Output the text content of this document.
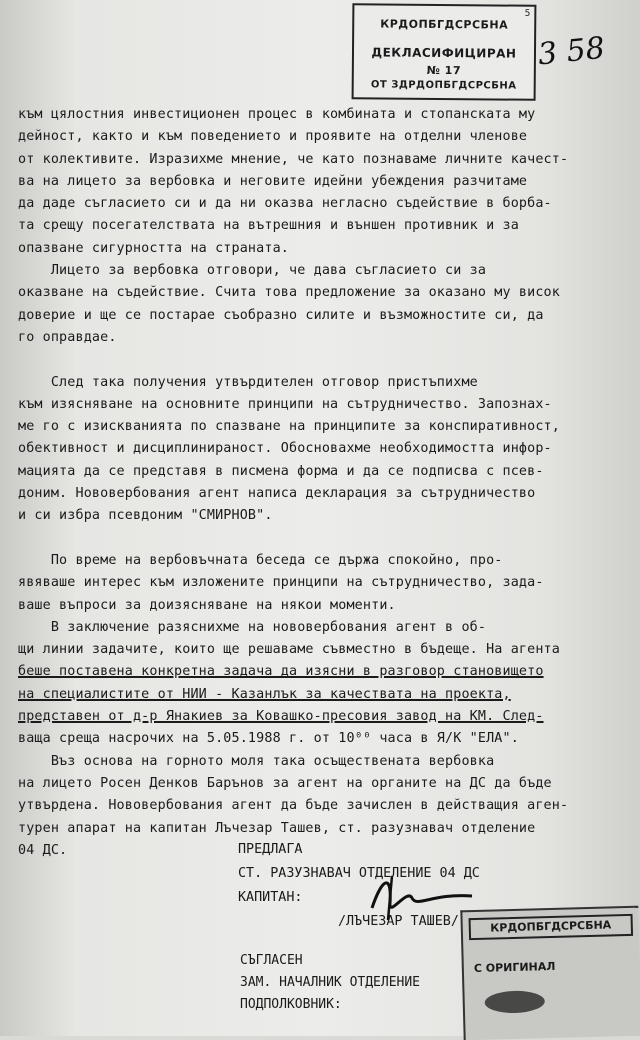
КРДОПБГДСРСБНА
5
ДЕКЛАСИФИЦИРАН
№ 17
ОТ ЗДРДОПБГДСРСБНА
3 58
към цялостния инвестиционен процес в комбината и стопанската му
дейност, както и към поведението и проявите на отделни членове
от колективите. Изразихме мнение, че като познаваме личните качест-
ва на лицето за вербовка и неговите идейни убеждения разчитаме
да даде съгласието си и да ни оказва негласно съдействие в борба-
та срещу посегателствата на вътрешния и външен противник и за
опазване сигурността на страната.
Лицето за вербовка отговори, че дава съгласието си за
оказване на съдействие. Счита това предложение за оказано му висок
доверие и ще се постарае съобразно силите и възможностите си, да
го оправдае.
След така получения утвърдителен отговор пристъпихме
към изясняване на основните принципи на сътрудничество. Запознах-
ме го с изискванията по спазване на принципите за конспиративност,
обективност и дисциплинираност. Обосновахме необходимостта инфор-
мацията да се представя в писмена форма и да се подписва с псев-
доним. Нововербования агент написа декларация за сътрудничество
и си избра псевдоним "СМИРНОВ".
По време на вербовъчната беседа се държа спокойно, про-
явяваше интерес към изложените принципи на сътрудничество, зада-
ваше въпроси за доизясняване на някои моменти.
В заключение разяснихме на нововербования агент в об-
щи линии задачите, които ще решаваме съвместно в бъдеще. На агента
беше поставена конкретна задача да изясни в разговор становището
на специалистите от НИИ - Казанлък за качествата на проекта,
представен от д-р Янакиев за Ковашко-пресовия завод на КМ. След-
ваща среща насрочих на 5.05.1988 г. от 10⁰⁰ часа в Я/К "ЕЛА".
Въз основа на горното моля така осъществената вербовка
на лицето Росен Денков Барънов за агент на органите на ДС да бъде
утвърдена. Нововербования агент да бъде зачислен в действащия аген-
турен апарат на капитан Лъчезар Ташев, ст. разузнавач отделение
04 ДС.	ПРЕДЛАГА
СТ. РАЗУЗНАВАЧ ОТДЕЛЕНИЕ 04 ДС
КАПИТАН:
/ЛЪЧЕЗАР ТАШЕВ/
СЪГЛАСЕН
ЗАМ. НАЧАЛНИК ОТДЕЛЕНИЕ
ПОДПОЛКОВНИК:
КРДОПБГДСРСБНА
С ОРИГИНАЛ
